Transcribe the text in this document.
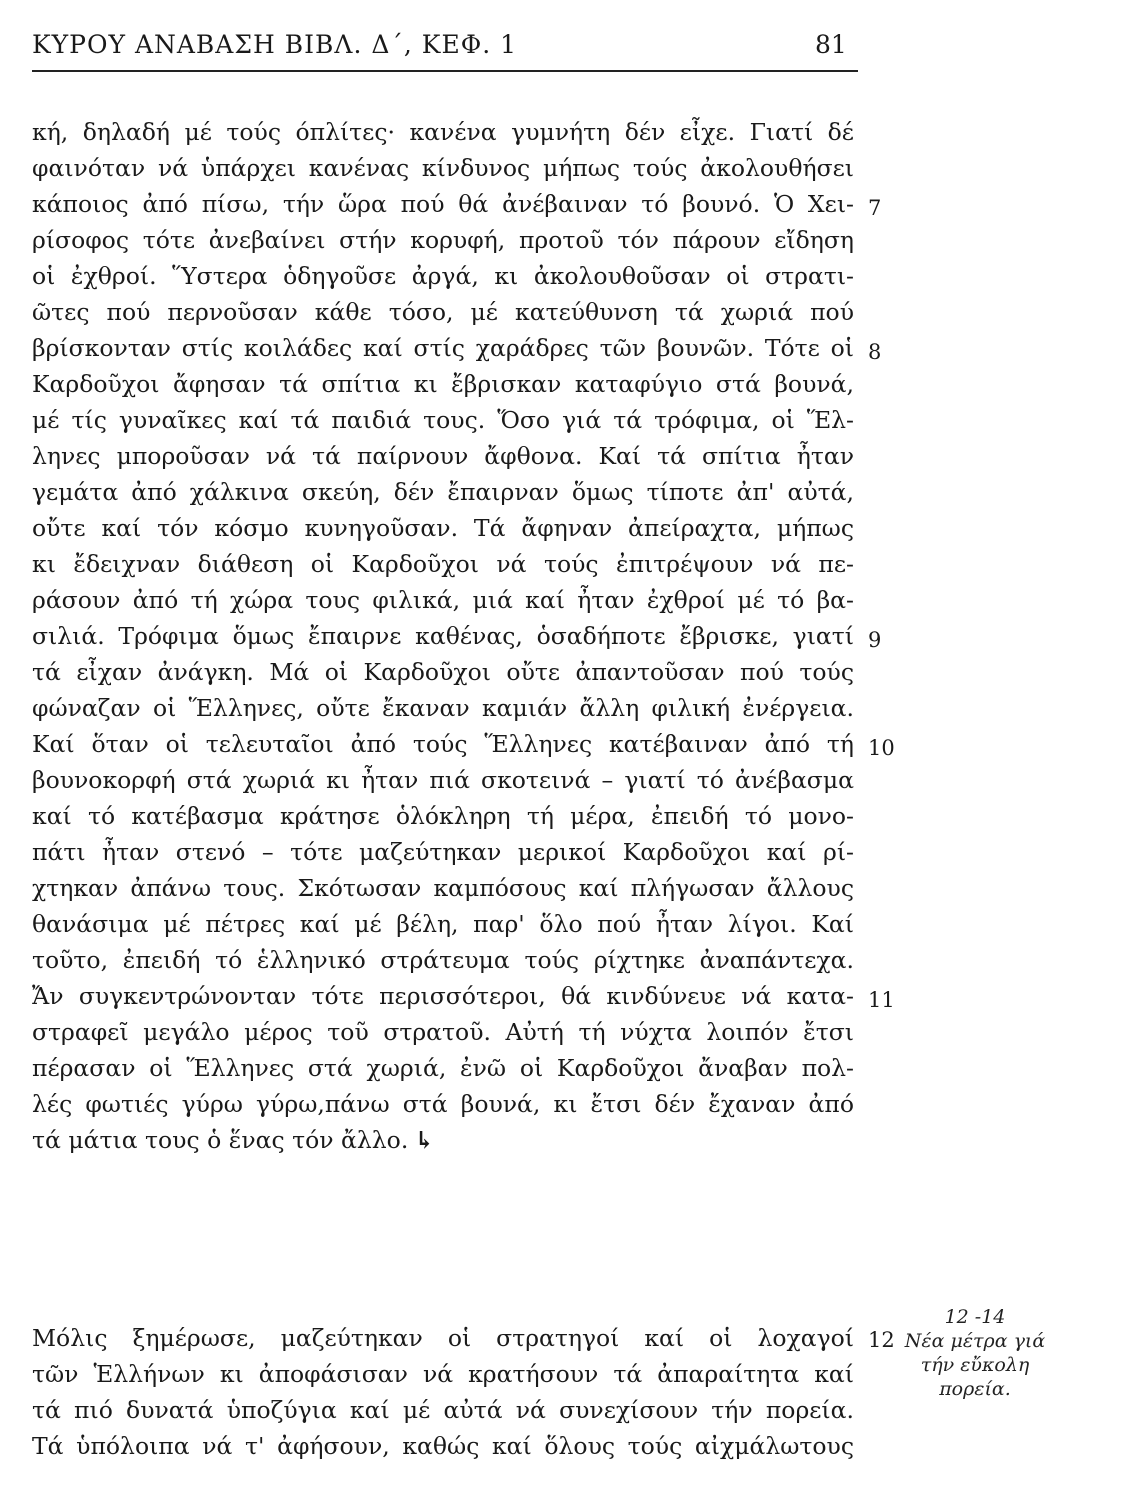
ΚΥΡΟΥ ΑΝΑΒΑΣΗ ΒΙΒΛ. Δ΄, ΚΕΦ. 1	81
κή, δηλαδή μέ τούς όπλίτες· κανένα γυμνήτη δέν εἶχε. Γιατί δέ
φαινόταν νά ὑπάρχει κανένας κίνδυνος μήπως τούς ἀκολουθήσει
κάποιος ἀπό πίσω, τήν ὥρα πού θά ἀνέβαιναν τό βουνό. Ὁ Χει-
ρίσοφος τότε ἀνεβαίνει στήν κορυφή, προτοῦ τόν πάρουν εἴδηση
οἱ ἐχθροί. Ὕστερα ὁδηγοῦσε ἀργά, κι ἀκολουθοῦσαν οἱ στρατι-
ῶτες πού περνοῦσαν κάθε τόσο, μέ κατεύθυνση τά χωριά πού
βρίσκονταν στίς κοιλάδες καί στίς χαράδρες τῶν βουνῶν. Τότε οἱ
Καρδοῦχοι ἄφησαν τά σπίτια κι ἔβρισκαν καταφύγιο στά βουνά,
μέ τίς γυναῖκες καί τά παιδιά τους. Ὅσο γιά τά τρόφιμα, οἱ Ἕλ-
ληνες μποροῦσαν νά τά παίρνουν ἄφθονα. Καί τά σπίτια ἦταν
γεμάτα ἀπό χάλκινα σκεύη, δέν ἔπαιρναν ὅμως τίποτε ἀπ' αὐτά,
οὔτε καί τόν κόσμο κυνηγοῦσαν. Τά ἄφηναν ἀπείραχτα, μήπως
κι ἔδειχναν διάθεση οἱ Καρδοῦχοι νά τούς ἐπιτρέψουν νά πε-
ράσουν ἀπό τή χώρα τους φιλικά, μιά καί ἦταν ἐχθροί μέ τό βα-
σιλιά. Τρόφιμα ὅμως ἔπαιρνε καθένας, ὁσαδήποτε ἔβρισκε, γιατί
τά εἶχαν ἀνάγκη. Μά οἱ Καρδοῦχοι οὔτε ἀπαντοῦσαν πού τούς
φώναζαν οἱ Ἕλληνες, οὔτε ἔκαναν καμιάν ἄλλη φιλική ἐνέργεια.
Καί ὅταν οἱ τελευταῖοι ἀπό τούς Ἕλληνες κατέβαιναν ἀπό τή
βουνοκορφή στά χωριά κι ἦταν πιά σκοτεινά – γιατί τό ἀνέβασμα
καί τό κατέβασμα κράτησε ὁλόκληρη τή μέρα, ἐπειδή τό μονο-
πάτι ἦταν στενό – τότε μαζεύτηκαν μερικοί Καρδοῦχοι καί ρί-
χτηκαν ἀπάνω τους. Σκότωσαν καμπόσους καί πλήγωσαν ἄλλους
θανάσιμα μέ πέτρες καί μέ βέλη, παρ' ὅλο πού ἦταν λίγοι. Καί
τοῦτο, ἐπειδή τό ἑλληνικό στράτευμα τούς ρίχτηκε ἀναπάντεχα.
Ἄν συγκεντρώνονταν τότε περισσότεροι, θά κινδύνευε νά κατα-
στραφεῖ μεγάλο μέρος τοῦ στρατοῦ. Αὐτή τή νύχτα λοιπόν ἔτσι
πέρασαν οἱ Ἕλληνες στά χωριά, ἐνῶ οἱ Καρδοῦχοι ἄναβαν πολ-
λές φωτιές γύρω γύρω,πάνω στά βουνά, κι ἔτσι δέν ἔχαναν ἀπό
τά μάτια τους ὁ ἕνας τόν ἄλλο. ↳
Μόλις ξημέρωσε, μαζεύτηκαν οἱ στρατηγοί καί οἱ λοχαγοί
τῶν Ἑλλήνων κι ἀποφάσισαν νά κρατήσουν τά ἀπαραίτητα καί
τά πιό δυνατά ὑποζύγια καί μέ αὐτά νά συνεχίσουν τήν πορεία.
Τά ὑπόλοιπα νά τ' ἀφήσουν, καθώς καί ὅλους τούς αἰχμάλωτους
7
8
9
10
11
12
12 -14
Νέα μέτρα γιά
τήν εὔκολη
πορεία.
